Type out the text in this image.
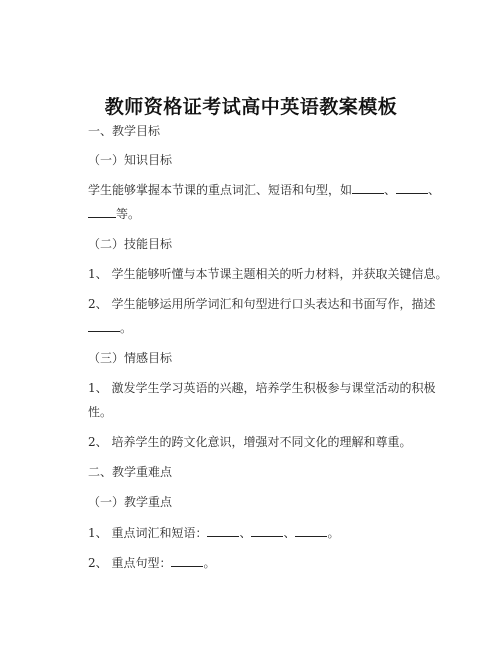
教师资格证考试高中英语教案模板
一、教学目标
（一）知识目标
学生能够掌握本节课的重点词汇、短语和句型，如	、	、
等。
（二）技能目标
1、 学生能够听懂与本节课主题相关的听力材料，并获取关键信息。
2、 学生能够运用所学词汇和句型进行口头表达和书面写作，描述
。
（三）情感目标
1、 激发学生学习英语的兴趣，培养学生积极参与课堂活动的积极
性。
2、 培养学生的跨文化意识，增强对不同文化的理解和尊重。
二、教学重难点
（一）教学重点
1、 重点词汇和短语：	、	、	。
2、 重点句型：	。
